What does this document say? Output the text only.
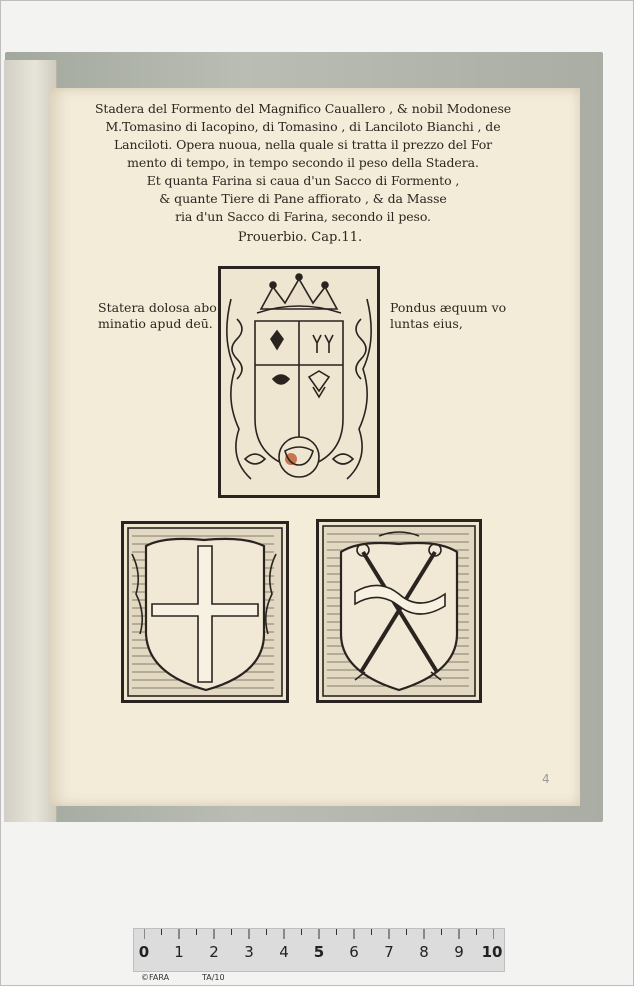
Stadera del Formento del Magnifico Cauallero , & nobil Modonese
M.Tomasino di Iacopino, di Tomasino , di Lanciloto Bianchi , de
Lanciloti. Opera nuoua, nella quale si tratta il prezzo del For
mento di tempo, in tempo secondo il peso della Stadera.
Et quanta Farina si caua d'un Sacco di Formento ,
& quante Tiere di Pane affiorato , & da Masse
ria d'un Sacco di Farina, secondo il peso.
Prouerbio. Cap.11.
Statera dolosa abo
minatio apud deū.
Pondus æquum vo
luntas eius,
4
0 1 2 3 4 5 6 7 8 9 10
©FARA	TA/10
